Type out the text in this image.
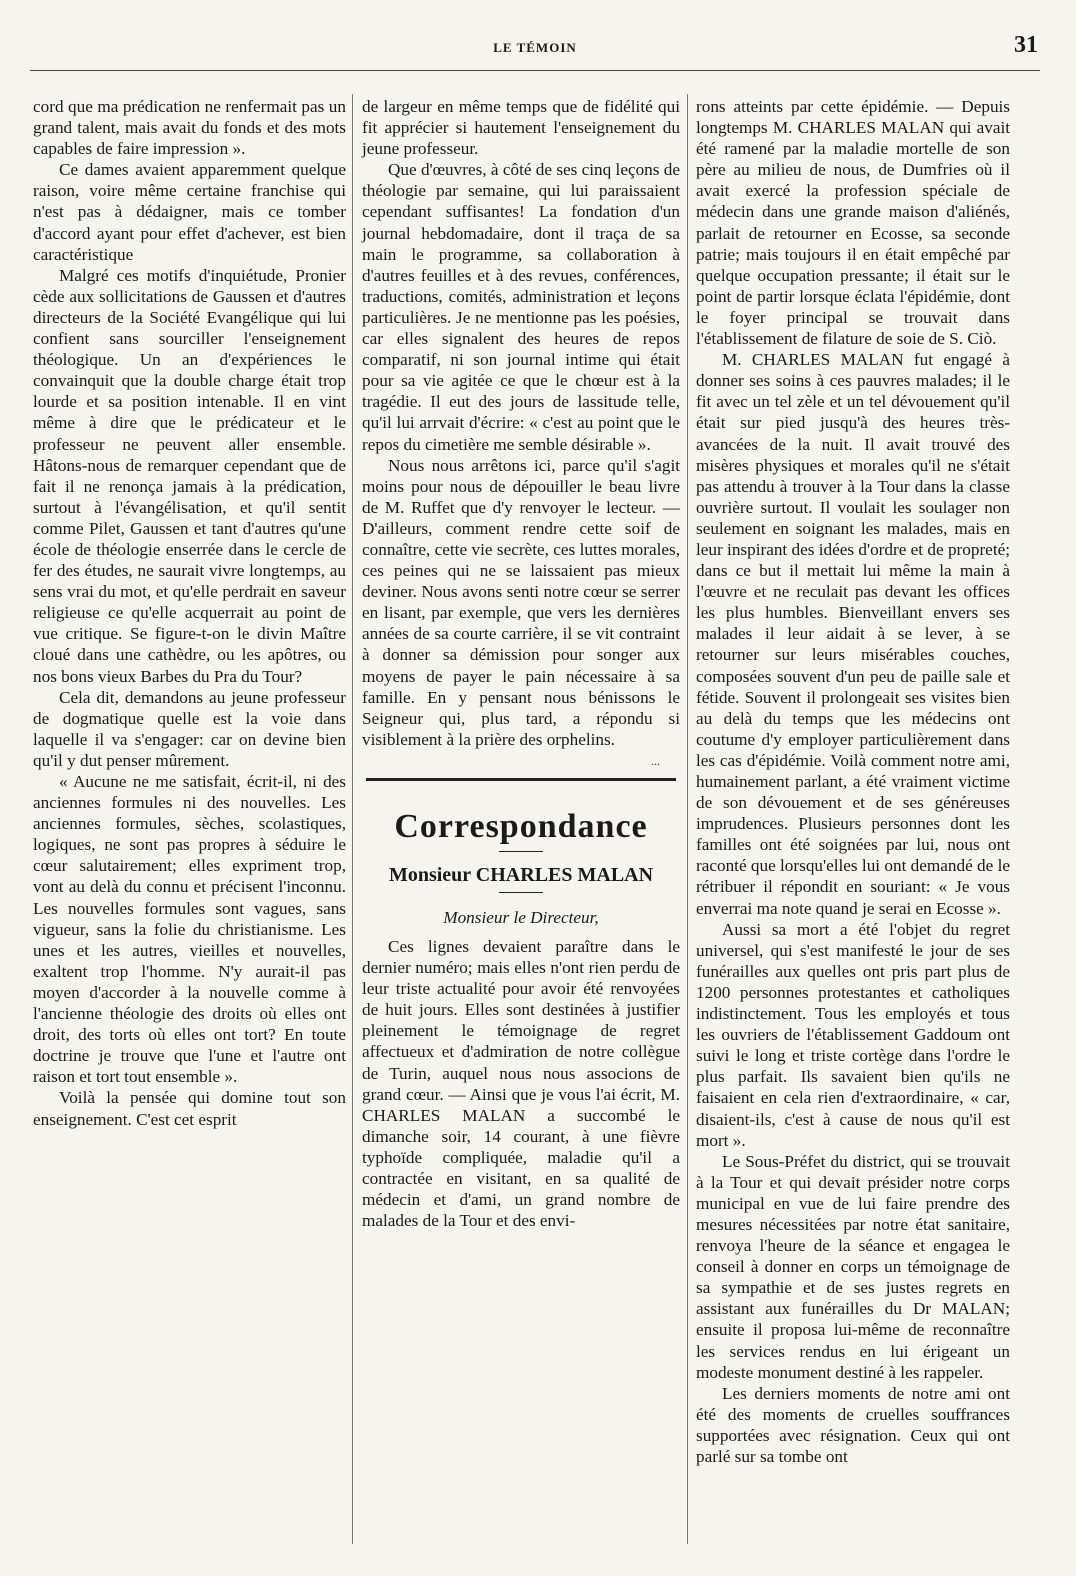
LE TÉMOIN	31

cord que ma prédication ne renfermait pas un grand talent, mais avait du fonds et des mots capables de faire impression ».

Ce dames avaient apparemment quelque raison, voire même certaine franchise qui n'est pas à dédaigner, mais ce tomber d'accord ayant pour effet d'achever, est bien caractéristique

Malgré ces motifs d'inquiétude, Pronier cède aux sollicitations de Gaussen et d'autres directeurs de la Société Evangélique qui lui confient sans sourciller l'enseignement théologique. Un an d'expériences le convainquit que la double charge était trop lourde et sa position intenable. Il en vint même à dire que le prédicateur et le professeur ne peuvent aller ensemble. Hâtons-nous de remarquer cependant que de fait il ne renonça jamais à la prédication, surtout à l'évangélisation, et qu'il sentit comme Pilet, Gaussen et tant d'autres qu'une école de théologie enserrée dans le cercle de fer des études, ne saurait vivre longtemps, au sens vrai du mot, et qu'elle perdrait en saveur religieuse ce qu'elle acquerrait au point de vue critique. Se figure-t-on le divin Maître cloué dans une cathèdre, ou les apôtres, ou nos bons vieux Barbes du Pra du Tour?

Cela dit, demandons au jeune professeur de dogmatique quelle est la voie dans laquelle il va s'engager: car on devine bien qu'il y dut penser mûrement.

« Aucune ne me satisfait, écrit-il, ni des anciennes formules ni des nouvelles. Les anciennes formules, sèches, scolastiques, logiques, ne sont pas propres à séduire le cœur salutairement; elles expriment trop, vont au delà du connu et précisent l'inconnu. Les nouvelles formules sont vagues, sans vigueur, sans la folie du christianisme. Les unes et les autres, vieilles et nouvelles, exaltent trop l'homme. N'y aurait-il pas moyen d'accorder à la nouvelle comme à l'ancienne théologie des droits où elles ont droit, des torts où elles ont tort? En toute doctrine je trouve que l'une et l'autre ont raison et tort tout ensemble ».

Voilà la pensée qui domine tout son enseignement. C'est cet esprit

de largeur en même temps que de fidélité qui fit apprécier si hautement l'enseignement du jeune professeur.

Que d'œuvres, à côté de ses cinq leçons de théologie par semaine, qui lui paraissaient cependant suffisantes! La fondation d'un journal hebdomadaire, dont il traça de sa main le programme, sa collaboration à d'autres feuilles et à des revues, conférences, traductions, comités, administration et leçons particulières. Je ne mentionne pas les poésies, car elles signalent des heures de repos comparatif, ni son journal intime qui était pour sa vie agitée ce que le chœur est à la tragédie. Il eut des jours de lassitude telle, qu'il lui arrvait d'écrire: « c'est au point que le repos du cimetière me semble désirable ».

Nous nous arrêtons ici, parce qu'il s'agit moins pour nous de dépouiller le beau livre de M. Ruffet que d'y renvoyer le lecteur. — D'ailleurs, comment rendre cette soif de connaître, cette vie secrète, ces luttes morales, ces peines qui ne se laissaient pas mieux deviner. Nous avons senti notre cœur se serrer en lisant, par exemple, que vers les dernières années de sa courte carrière, il se vit contraint à donner sa démission pour songer aux moyens de payer le pain nécessaire à sa famille. En y pensant nous bénissons le Seigneur qui, plus tard, a répondu si visiblement à la prière des orphelins.

...
Correspondance
Monsieur CHARLES MALAN
Monsieur le Directeur,

Ces lignes devaient paraître dans le dernier numéro; mais elles n'ont rien perdu de leur triste actualité pour avoir été renvoyées de huit jours. Elles sont destinées à justifier pleinement le témoignage de regret affectueux et d'admiration de notre collègue de Turin, auquel nous nous associons de grand cœur. — Ainsi que je vous l'ai écrit, M. CHARLES MALAN a succombé le dimanche soir, 14 courant, à une fièvre typhoïde compliquée, maladie qu'il a contractée en visitant, en sa qualité de médecin et d'ami, un grand nombre de malades de la Tour et des envi-

rons atteints par cette épidémie. — Depuis longtemps M. CHARLES MALAN qui avait été ramené par la maladie mortelle de son père au milieu de nous, de Dumfries où il avait exercé la profession spéciale de médecin dans une grande maison d'aliénés, parlait de retourner en Ecosse, sa seconde patrie; mais toujours il en était empêché par quelque occupation pressante; il était sur le point de partir lorsque éclata l'épidémie, dont le foyer principal se trouvait dans l'établissement de filature de soie de S. Ciò.

M. CHARLES MALAN fut engagé à donner ses soins à ces pauvres malades; il le fit avec un tel zèle et un tel dévouement qu'il était sur pied jusqu'à des heures très-avancées de la nuit. Il avait trouvé des misères physiques et morales qu'il ne s'était pas attendu à trouver à la Tour dans la classe ouvrière surtout. Il voulait les soulager non seulement en soignant les malades, mais en leur inspirant des idées d'ordre et de propreté; dans ce but il mettait lui même la main à l'œuvre et ne reculait pas devant les offices les plus humbles. Bienveillant envers ses malades il leur aidait à se lever, à se retourner sur leurs misérables couches, composées souvent d'un peu de paille sale et fétide. Souvent il prolongeait ses visites bien au delà du temps que les médecins ont coutume d'y employer particulièrement dans les cas d'épidémie. Voilà comment notre ami, humainement parlant, a été vraiment victime de son dévouement et de ses généreuses imprudences. Plusieurs personnes dont les familles ont été soignées par lui, nous ont raconté que lorsqu'elles lui ont demandé de le rétribuer il répondit en souriant: « Je vous enverrai ma note quand je serai en Ecosse ».

Aussi sa mort a été l'objet du regret universel, qui s'est manifesté le jour de ses funérailles aux quelles ont pris part plus de 1200 personnes protestantes et catholiques indistinctement. Tous les employés et tous les ouvriers de l'établissement Gaddoum ont suivi le long et triste cortège dans l'ordre le plus parfait. Ils savaient bien qu'ils ne faisaient en cela rien d'extraordinaire, « car, disaient-ils, c'est à cause de nous qu'il est mort ».

Le Sous-Préfet du district, qui se trouvait à la Tour et qui devait présider notre corps municipal en vue de lui faire prendre des mesures nécessitées par notre état sanitaire, renvoya l'heure de la séance et engagea le conseil à donner en corps un témoignage de sa sympathie et de ses justes regrets en assistant aux funérailles du Dr MALAN; ensuite il proposa lui-même de reconnaître les services rendus en lui érigeant un modeste monument destiné à les rappeler.

Les derniers moments de notre ami ont été des moments de cruelles souffrances supportées avec résignation. Ceux qui ont parlé sur sa tombe ont
